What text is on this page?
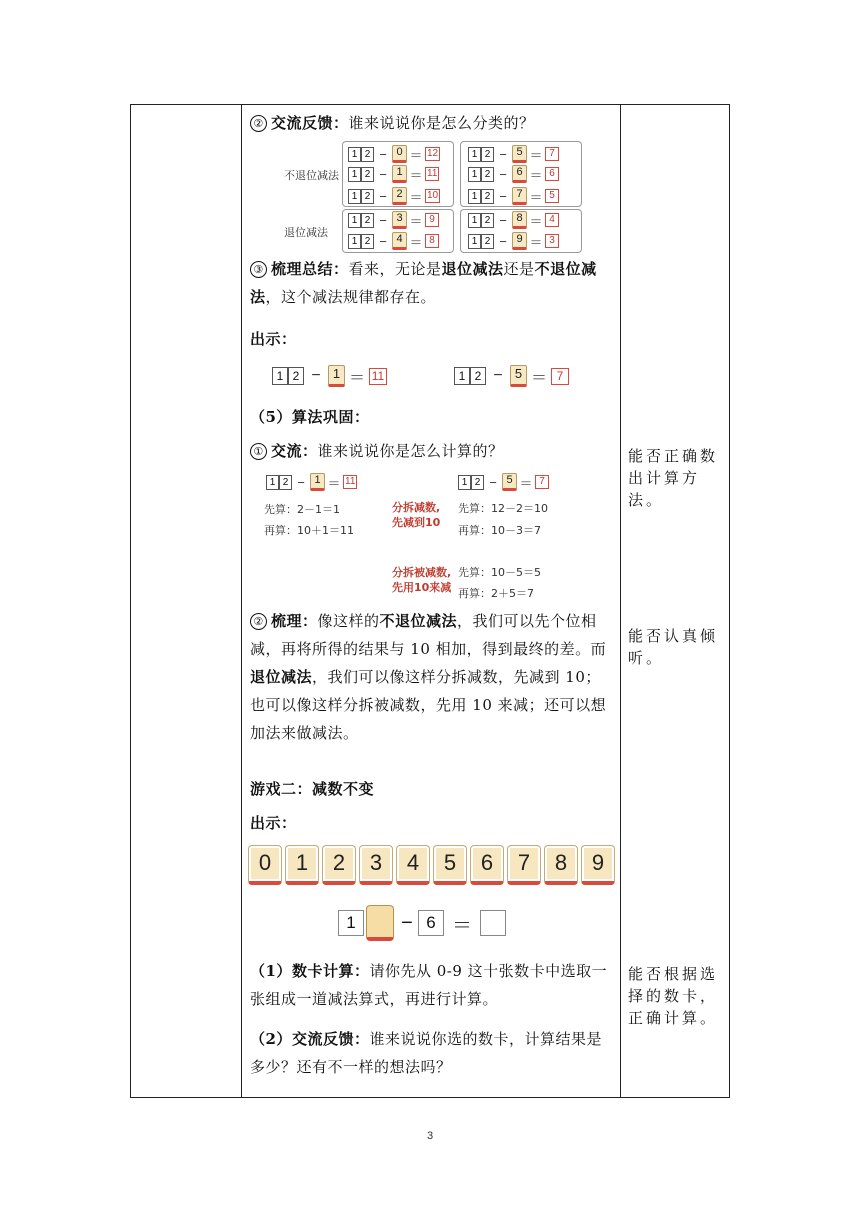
② 交流反馈：谁来说说你是怎么分类的？
不退位减法
退位减法
1 2 − 0 ＝ 12
1 2 − 1 ＝ 11
1 2 − 2 ＝ 10
1 2 − 3 ＝ 9
1 2 − 4 ＝ 8
1 2 − 5 ＝ 7
1 2 − 6 ＝ 6
1 2 − 7 ＝ 5
1 2 − 8 ＝ 4
1 2 − 9 ＝ 3
③ 梳理总结：看来，无论是退位减法还是不退位减法，这个减法规律都存在。
出示：
1 2 − 1 ＝ 11	1 2 − 5 ＝ 7
（5）算法巩固：
① 交流：谁来说说你是怎么计算的？
1 2 − 1 ＝ 11	1 2 − 5 ＝ 7
先算：2－1＝1
再算：10＋1＝11
分拆减数,
先减到10
先算：12－2＝10
再算：10－3＝7
分拆被减数,
先用10来减
先算：10－5＝5
再算：2＋5＝7
② 梳理：像这样的不退位减法，我们可以先个位相减，再将所得的结果与 10 相加，得到最终的差。而退位减法，我们可以像这样分拆减数，先减到 10；也可以像这样分拆被减数，先用 10 来减；还可以想加法来做减法。
游戏二：减数不变
出示：
0	1	2	3	4	5	6	7	8	9
1	− 6 ＝
（1）数卡计算：请你先从 0-9 这十张数卡中选取一张组成一道减法算式，再进行计算。
（2）交流反馈：谁来说说你选的数卡，计算结果是多少？还有不一样的想法吗？
能否正确数出计算方法。
能否认真倾听。
能否根据选择的数卡，正确计算。
3
